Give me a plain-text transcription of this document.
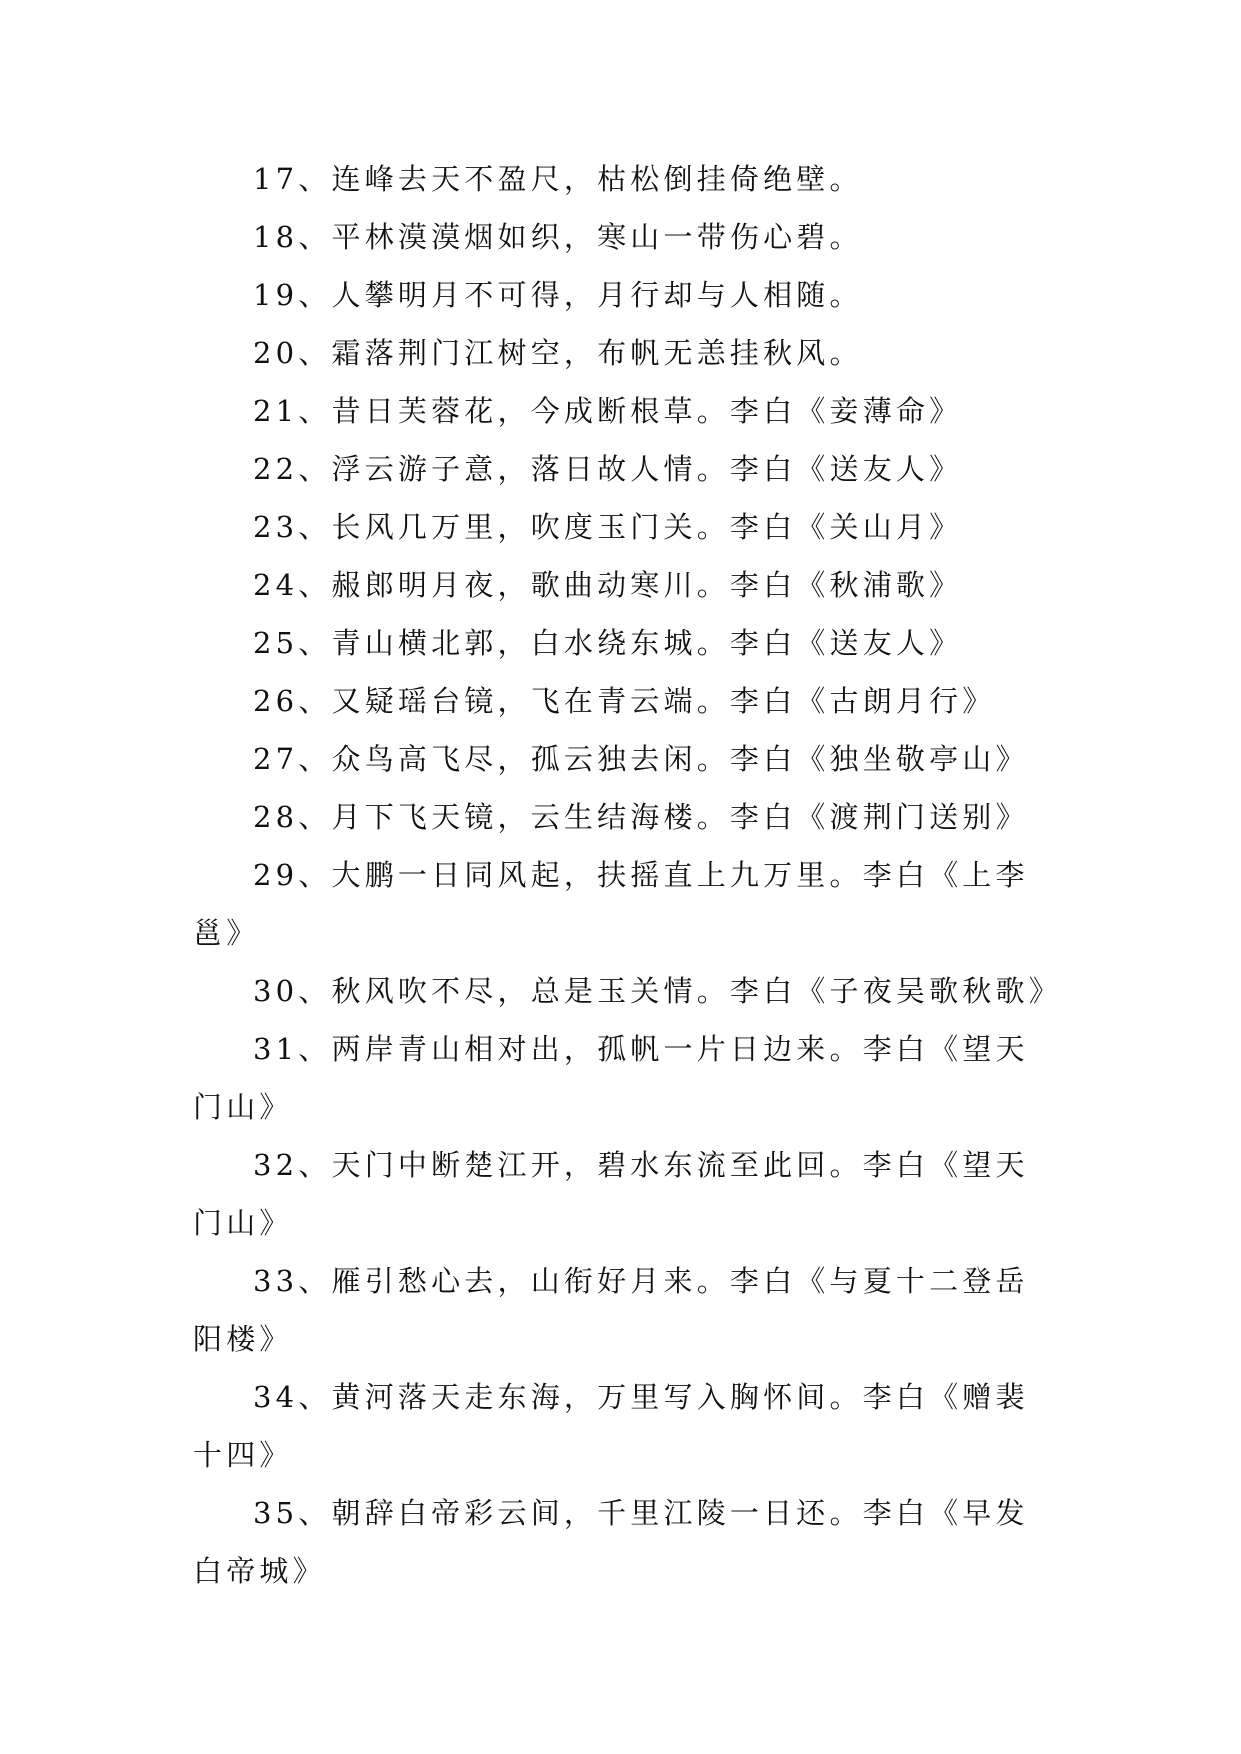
17、连峰去天不盈尺，枯松倒挂倚绝壁。

18、平林漠漠烟如织，寒山一带伤心碧。

19、人攀明月不可得，月行却与人相随。

20、霜落荆门江树空，布帆无恙挂秋风。

21、昔日芙蓉花，今成断根草。李白《妾薄命》

22、浮云游子意，落日故人情。李白《送友人》

23、长风几万里，吹度玉门关。李白《关山月》

24、赧郎明月夜，歌曲动寒川。李白《秋浦歌》

25、青山横北郭，白水绕东城。李白《送友人》

26、又疑瑶台镜，飞在青云端。李白《古朗月行》

27、众鸟高飞尽，孤云独去闲。李白《独坐敬亭山》

28、月下飞天镜，云生结海楼。李白《渡荆门送别》

29、大鹏一日同风起，扶摇直上九万里。李白《上李邕》

30、秋风吹不尽，总是玉关情。李白《子夜吴歌秋歌》

31、两岸青山相对出，孤帆一片日边来。李白《望天门山》

32、天门中断楚江开，碧水东流至此回。李白《望天门山》

33、雁引愁心去，山衔好月来。李白《与夏十二登岳阳楼》

34、黄河落天走东海，万里写入胸怀间。李白《赠裴十四》

35、朝辞白帝彩云间，千里江陵一日还。李白《早发白帝城》
